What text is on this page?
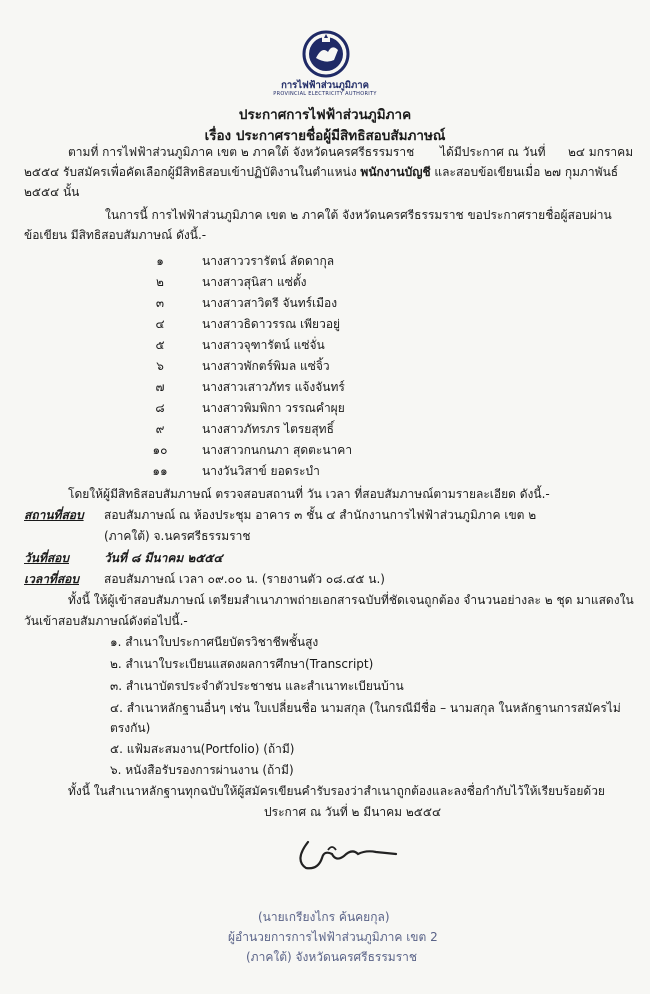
การไฟฟ้าส่วนภูมิภาค
PROVINCIAL ELECTRICITY AUTHORITY
ประกาศการไฟฟ้าส่วนภูมิภาค
เรื่อง ประกาศรายชื่อผู้มีสิทธิสอบสัมภาษณ์
ตามที่ การไฟฟ้าส่วนภูมิภาค เขต ๒ ภาคใต้ จังหวัดนครศรีธรรมราช ได้มีประกาศ ณ วันที่ ๒๔ มกราคม
๒๕๕๔ รับสมัครเพื่อคัดเลือกผู้มีสิทธิสอบเข้าปฏิบัติงานในตำแหน่ง พนักงานบัญชี และสอบข้อเขียนเมื่อ ๒๗ กุมภาพันธ์
๒๕๕๔ นั้น
ในการนี้ การไฟฟ้าส่วนภูมิภาค เขต ๒ ภาคใต้ จังหวัดนครศรีธรรมราช ขอประกาศรายชื่อผู้สอบผ่าน
ข้อเขียน มีสิทธิสอบสัมภาษณ์ ดังนี้.-
๑	นางสาววรารัตน์ ลัดดากุล
๒	นางสาวสุนิสา แซ่ตั้ง
๓	นางสาวสาวิตรี จันทร์เมือง
๔	นางสาวธิดาวรรณ เพียวอยู่
๕	นางสาวจุฑารัตน์ แซ่จั่น
๖	นางสาวพักตร์พิมล แซ่จิ้ว
๗	นางสาวเสาวภัทร แจ้งจันทร์
๘	นางสาวพิมพิกา วรรณคำผุย
๙	นางสาวภัทรภร ไตรยสุทธิ์
๑๐	นางสาวกนกนภา สุดตะนาคา
๑๑	นางวันวิสาข์ ยอดระบำ
โดยให้ผู้มีสิทธิสอบสัมภาษณ์ ตรวจสอบสถานที่ วัน เวลา ที่สอบสัมภาษณ์ตามรายละเอียด ดังนี้.-
สถานที่สอบ สอบสัมภาษณ์ ณ ห้องประชุม อาคาร ๓ ชั้น ๔ สำนักงานการไฟฟ้าส่วนภูมิภาค เขต ๒
(ภาคใต้) จ.นครศรีธรรมราช
วันที่สอบ	วันที่ ๘ มีนาคม ๒๕๕๔
เวลาที่สอบ สอบสัมภาษณ์ เวลา ๐๙.๐๐ น. (รายงานตัว ๐๘.๔๕ น.)
ทั้งนี้ ให้ผู้เข้าสอบสัมภาษณ์ เตรียมสำเนาภาพถ่ายเอกสารฉบับที่ชัดเจนถูกต้อง จำนวนอย่างละ ๒ ชุด มาแสดงใน
วันเข้าสอบสัมภาษณ์ดังต่อไปนี้.-
๑. สำเนาใบประกาศนียบัตรวิชาชีพชั้นสูง
๒. สำเนาใบระเบียนแสดงผลการศึกษา(Transcript)
๓. สำเนาบัตรประจำตัวประชาชน และสำเนาทะเบียนบ้าน
๔. สำเนาหลักฐานอื่นๆ เช่น ใบเปลี่ยนชื่อ นามสกุล (ในกรณีมีชื่อ – นามสกุล ในหลักฐานการสมัครไม่
ตรงกัน)
๕. แฟ้มสะสมงาน(Portfolio) (ถ้ามี)
๖. หนังสือรับรองการผ่านงาน (ถ้ามี)
ทั้งนี้ ในสำเนาหลักฐานทุกฉบับให้ผู้สมัครเขียนคำรับรองว่าสำเนาถูกต้องและลงชื่อกำกับไว้ให้เรียบร้อยด้วย
ประกาศ ณ วันที่ ๒ มีนาคม ๒๕๕๔
(นายเกรียงไกร ค้นคยกุล)
ผู้อำนวยการการไฟฟ้าส่วนภูมิภาค เขต 2
(ภาคใต้) จังหวัดนครศรีธรรมราช
